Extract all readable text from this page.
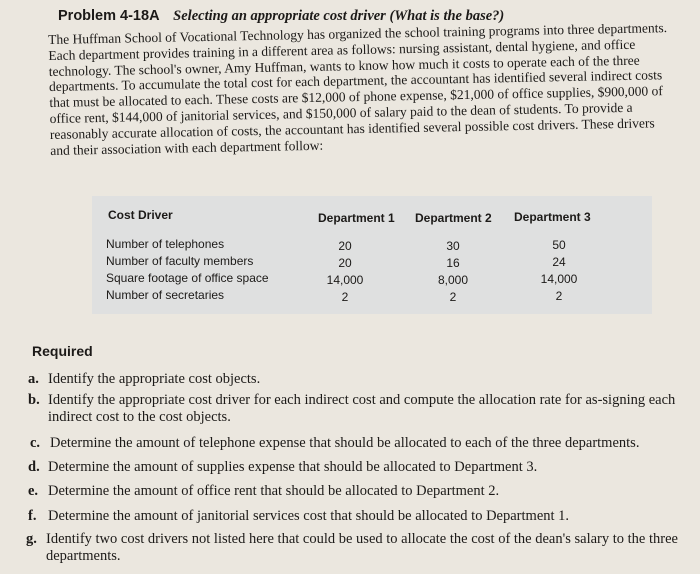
Problem 4-18A Selecting an appropriate cost driver (What is the base?)
The Huffman School of Vocational Technology has organized the school training programs into three departments. Each department provides training in a different area as follows: nursing assistant, dental hygiene, and office technology. The school's owner, Amy Huffman, wants to know how much it costs to operate each of the three departments. To accumulate the total cost for each department, the accountant has identified several indirect costs that must be allocated to each. These costs are $12,000 of phone expense, $21,000 of office supplies, $900,000 of office rent, $144,000 of janitorial services, and $150,000 of salary paid to the dean of students. To provide a reasonably accurate allocation of costs, the accountant has identified several possible cost drivers. These drivers and their association with each department follow:
Cost Driver	Department 1 Department 2 Department 3
Number of telephones	20	30	50
Number of faculty members	20	16	24
Square footage of office space	14,000	8,000	14,000
Number of secretaries	2	2	2
Required
a. Identify the appropriate cost objects.
b. Identify the appropriate cost driver for each indirect cost and compute the allocation rate for as-signing each indirect cost to the cost objects.
c. Determine the amount of telephone expense that should be allocated to each of the three departments.
d. Determine the amount of supplies expense that should be allocated to Department 3.
e. Determine the amount of office rent that should be allocated to Department 2.
f. Determine the amount of janitorial services cost that should be allocated to Department 1.
g. Identify two cost drivers not listed here that could be used to allocate the cost of the dean's salary to the three departments.
